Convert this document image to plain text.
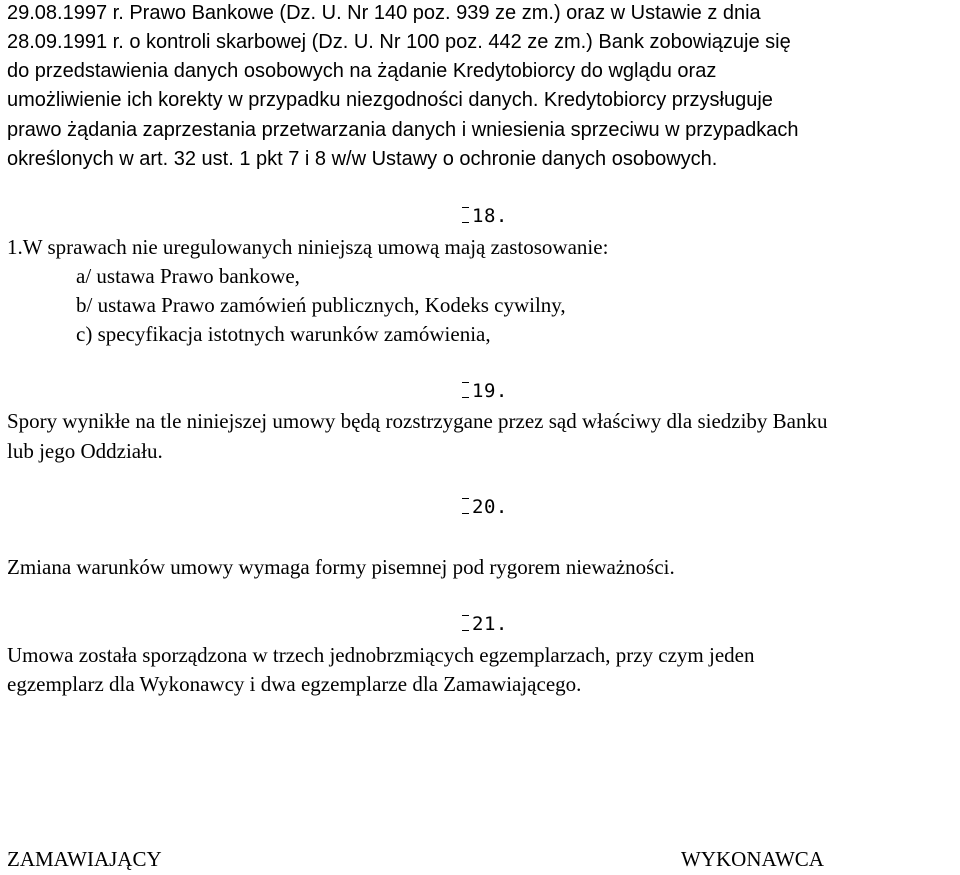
29.08.1997 r. Prawo Bankowe (Dz. U. Nr 140 poz. 939 ze zm.) oraz w Ustawie z dnia
28.09.1991 r. o kontroli skarbowej (Dz. U. Nr 100 poz. 442 ze zm.) Bank zobowiązuje się
do przedstawienia danych osobowych na żądanie Kredytobiorcy do wglądu oraz
umożliwienie ich korekty w przypadku niezgodności danych. Kredytobiorcy przysługuje
prawo żądania zaprzestania przetwarzania danych i wniesienia sprzeciwu w przypadkach
określonych w art. 32 ust. 1 pkt 7 i 8 w/w Ustawy o ochronie danych osobowych.
18.
1.W sprawach nie uregulowanych niniejszą umową mają zastosowanie:
a/ ustawa Prawo bankowe,
b/ ustawa Prawo zamówień publicznych, Kodeks cywilny,
c) specyfikacja istotnych warunków zamówienia,
19.
Spory wynikłe na tle niniejszej umowy będą rozstrzygane przez sąd właściwy dla siedziby Banku
lub jego Oddziału.
20.
Zmiana warunków umowy wymaga formy pisemnej pod rygorem nieważności.
21.
Umowa została sporządzona w trzech jednobrzmiących egzemplarzach, przy czym jeden
egzemplarz dla Wykonawcy i dwa egzemplarze dla Zamawiającego.
ZAMAWIAJĄCY	WYKONAWCA
